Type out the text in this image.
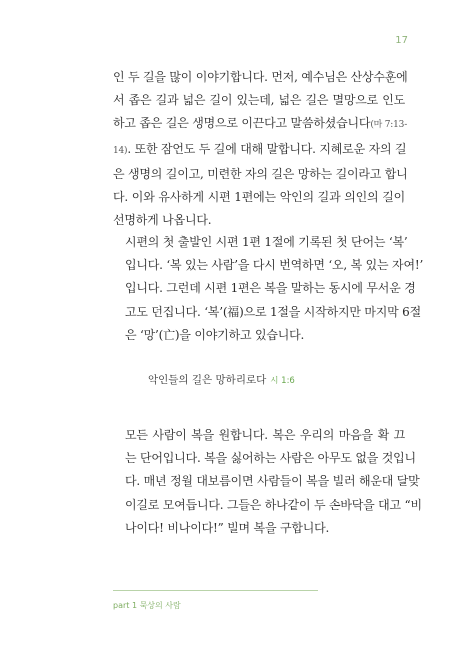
17

인 두 길을 많이 이야기합니다. 먼저, 예수님은 산상수훈에
서 좁은 길과 넓은 길이 있는데, 넓은 길은 멸망으로 인도
하고 좁은 길은 생명으로 이끈다고 말씀하셨습니다(마 7:13-
14). 또한 잠언도 두 길에 대해 말합니다. 지혜로운 자의 길
은 생명의 길이고, 미련한 자의 길은 망하는 길이라고 합니
다. 이와 유사하게 시편 1편에는 악인의 길과 의인의 길이
선명하게 나옵니다.

시편의 첫 출발인 시편 1편 1절에 기록된 첫 단어는 ‘복’
입니다. ‘복 있는 사람’을 다시 번역하면 ‘오, 복 있는 자여!’
입니다. 그런데 시편 1편은 복을 말하는 동시에 무서운 경
고도 던집니다. ‘복’(福)으로 1절을 시작하지만 마지막 6절
은 ‘망’(亡)을 이야기하고 있습니다.

악인들의 길은 망하리로다 시 1:6

모든 사람이 복을 원합니다. 복은 우리의 마음을 확 끄
는 단어입니다. 복을 싫어하는 사람은 아무도 없을 것입니
다. 매년 정월 대보름이면 사람들이 복을 빌러 해운대 달맞
이길로 모여듭니다. 그들은 하나같이 두 손바닥을 대고 “비
나이다! 비나이다!” 빌며 복을 구합니다.

part 1 묵상의 사람
